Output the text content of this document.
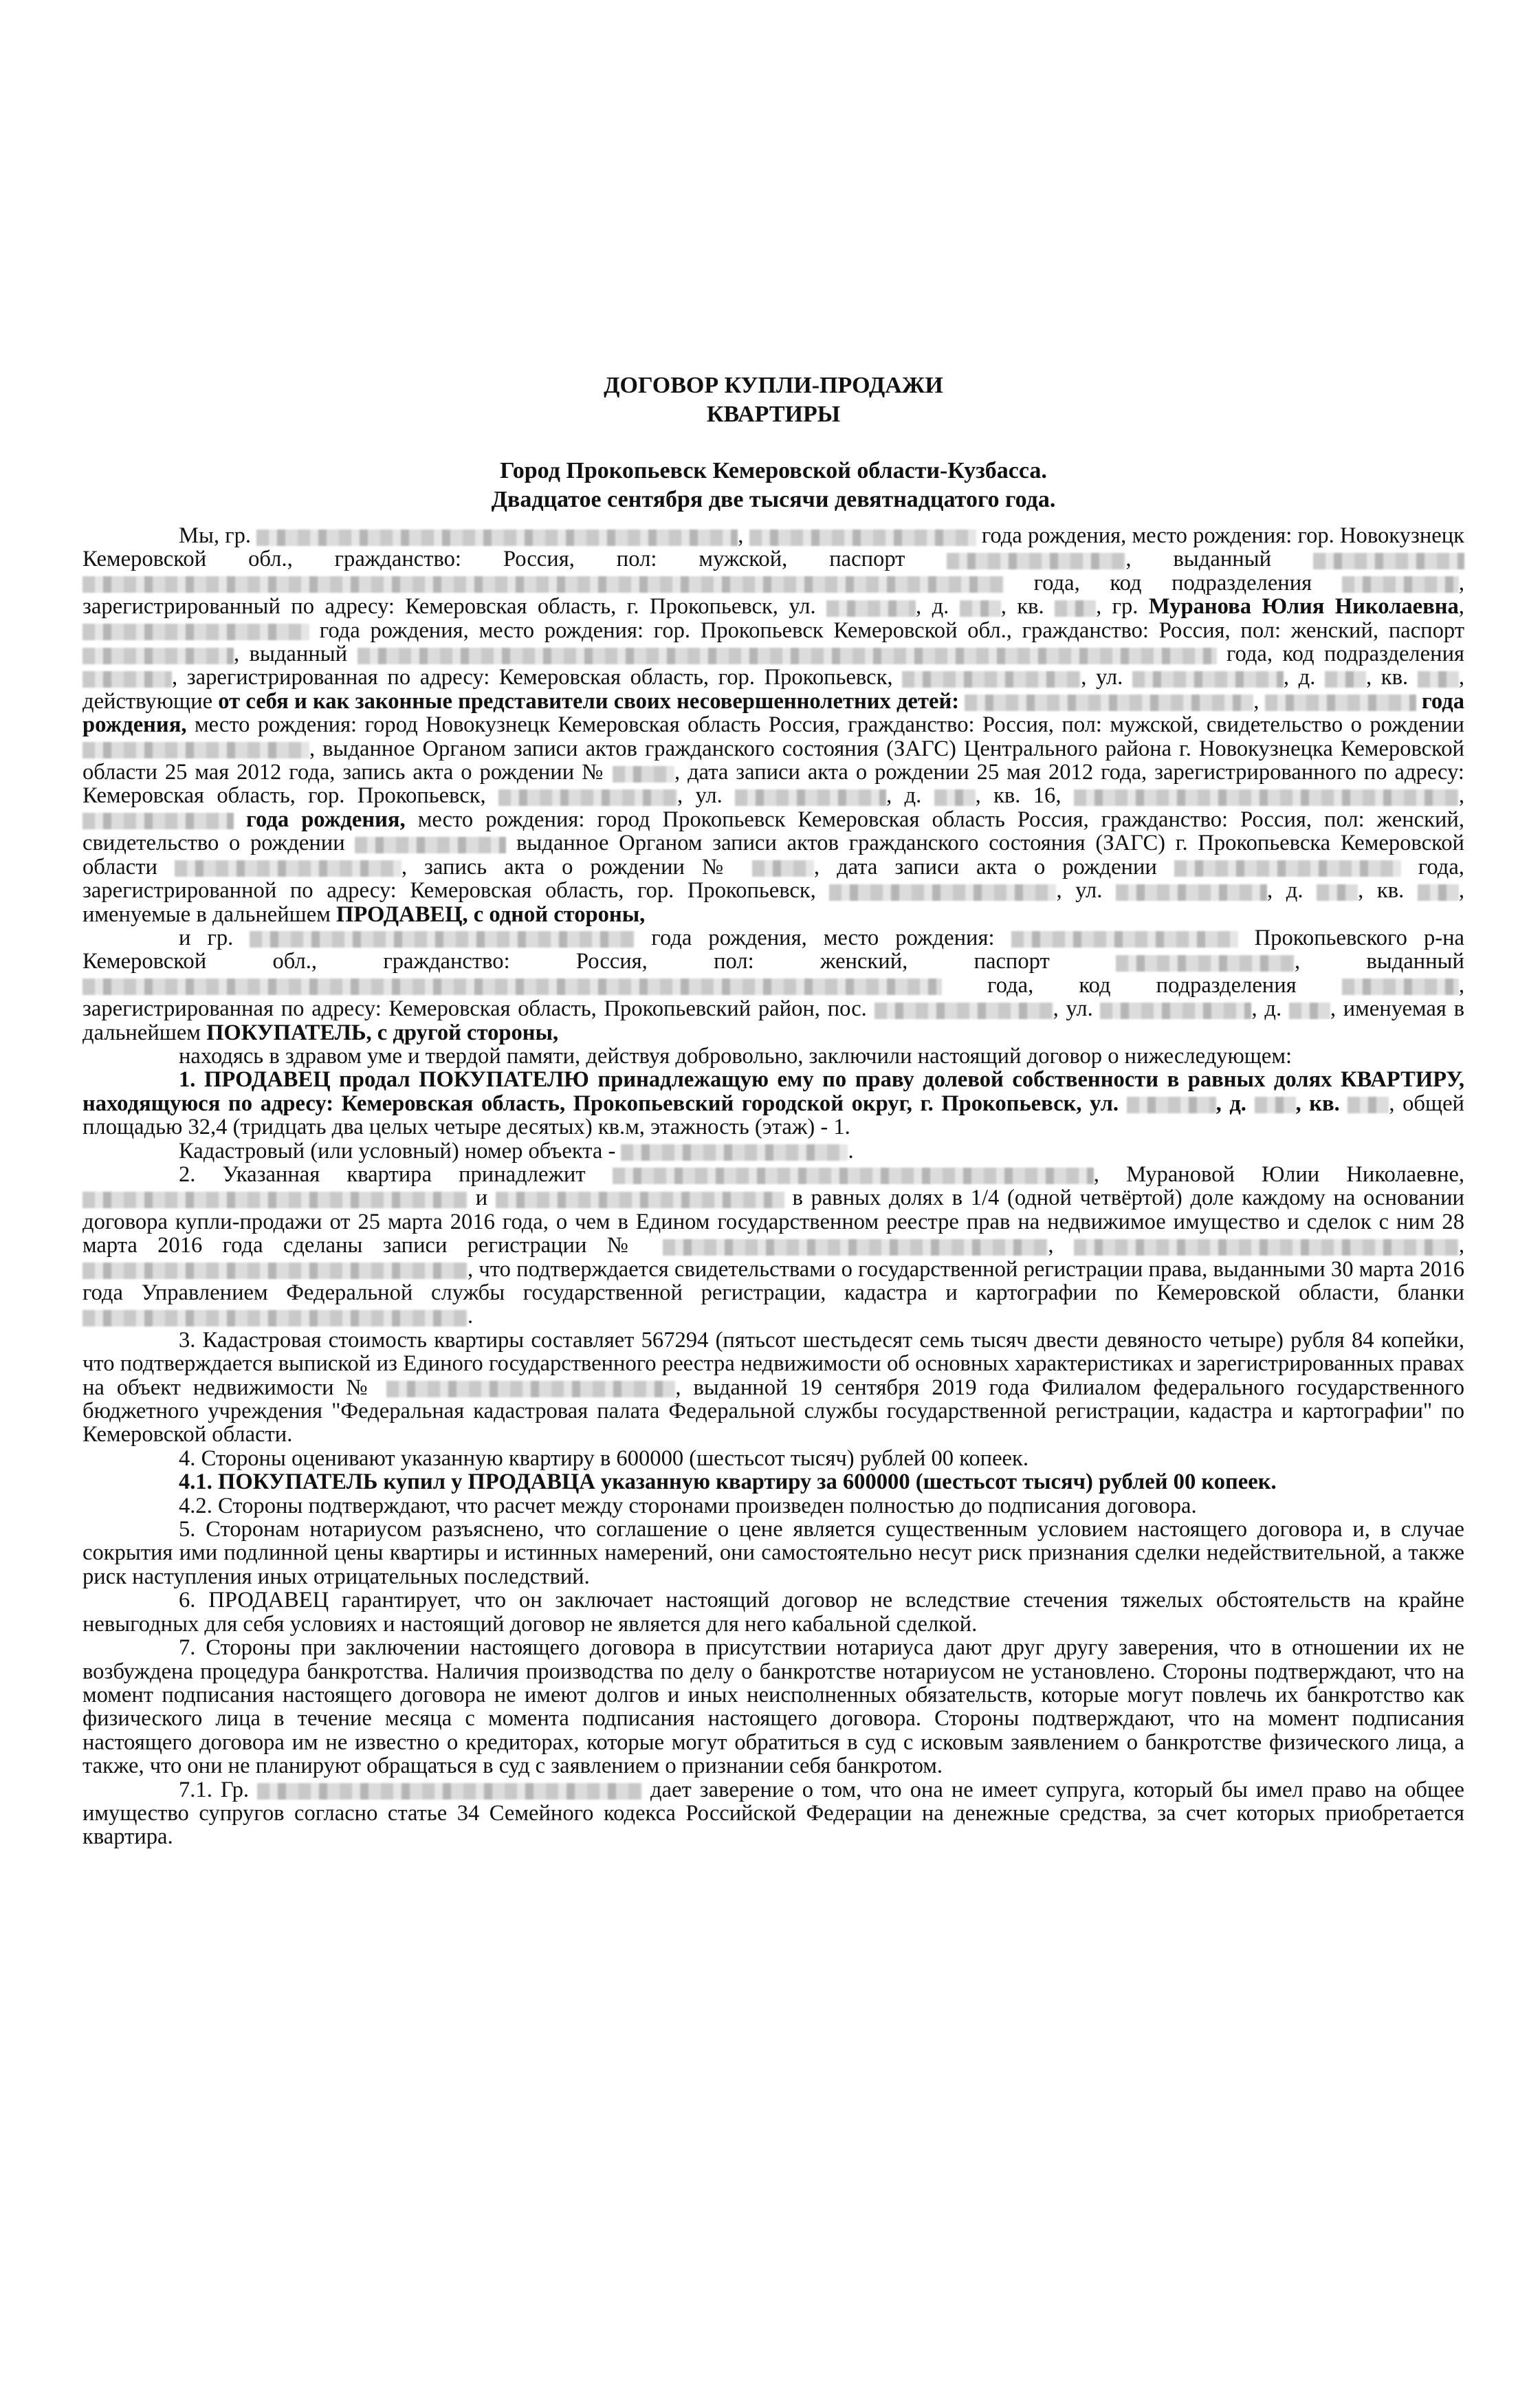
ДОГОВОР КУПЛИ-ПРОДАЖИ
КВАРТИРЫ
Город Прокопьевск Кемеровской области-Кузбасса.
Двадцатое сентября две тысячи девятнадцатого года.

Мы, гр.	,	года рождения, место рождения: гор. Новокузнецк Кемеровской обл., гражданство: Россия, пол: мужской, паспорт	, выданный   года, код подразделения	, зарегистрированный по адресу: Кемеровская область, г. Прокопьевск, ул.	, д. , кв. , гр. Муранова Юлия Николаевна,  года рождения, место рождения: гор. Прокопьевск Кемеровской обл., гражданство: Россия, пол: женский, паспорт , выданный	года, код подразделения , зарегистрированная по адресу: Кемеровская область, гор. Прокопьевск,	, ул.	, д. , кв. , действующие от себя и как законные представители своих несовершеннолетних детей:	,	года рождения, место рождения: город Новокузнецк Кемеровская область Россия, гражданство: Россия, пол: мужской, свидетельство о рождении , выданное Органом записи актов гражданского состояния (ЗАГС) Центрального района г. Новокузнецка Кемеровской области 25 мая 2012 года, запись акта о рождении №	, дата записи акта о рождении 25 мая 2012 года, зарегистрированного по адресу: Кемеровская область, гор. Прокопьевск,	, ул.	, д. , кв. 16,	,  года рождения, место рождения: город Прокопьевск Кемеровская область Россия, гражданство: Россия, пол: женский, свидетельство о рождении	выданное Органом записи актов гражданского состояния (ЗАГС) г. Прокопьевска Кемеровской области	, запись акта о рождении №	, дата записи акта о рождении	года, зарегистрированной по адресу: Кемеровская область, гор. Прокопьевск,	, ул.	, д. , кв. , именуемые в дальнейшем ПРОДАВЕЦ, с одной стороны,

и гр.	года рождения, место рождения:	Прокопьевского р-на Кемеровской обл., гражданство: Россия, пол: женский, паспорт	, выданный  года, код подразделения	, зарегистрированная по адресу: Кемеровская область, Прокопьевский район, пос.	, ул.	, д. , именуемая в дальнейшем ПОКУПАТЕЛЬ, с другой стороны,

находясь в здравом уме и твердой памяти, действуя добровольно, заключили настоящий договор о нижеследующем:

1. ПРОДАВЕЦ продал ПОКУПАТЕЛЮ принадлежащую ему по праву долевой собственности в равных долях КВАРТИРУ, находящуюся по адресу: Кемеровская область, Прокопьевский городской округ, г. Прокопьевск, ул.	, д. , кв. , общей площадью 32,4 (тридцать два целых четыре десятых) кв.м, этажность (этаж) - 1.

Кадастровый (или условный) номер объекта -	.

2. Указанная квартира принадлежит	, Мурановой Юлии Николаевне,  и	в равных долях в 1/4 (одной четвёртой) доле каждому на основании договора купли-продажи от 25 марта 2016 года, о чем в Едином государственном реестре прав на недвижимое имущество и сделок с ним 28 марта 2016 года сделаны записи регистрации №	,	, , что подтверждается свидетельствами о государственной регистрации права, выданными 30 марта 2016 года Управлением Федеральной службы государственной регистрации, кадастра и картографии по Кемеровской области, бланки .

3. Кадастровая стоимость квартиры составляет 567294 (пятьсот шестьдесят семь тысяч двести девяносто четыре) рубля 84 копейки, что подтверждается выпиской из Единого государственного реестра недвижимости об основных характеристиках и зарегистрированных правах на объект недвижимости №	, выданной 19 сентября 2019 года Филиалом федерального государственного бюджетного учреждения "Федеральная кадастровая палата Федеральной службы государственной регистрации, кадастра и картографии" по Кемеровской области.

4. Стороны оценивают указанную квартиру в 600000 (шестьсот тысяч) рублей 00 копеек.

4.1. ПОКУПАТЕЛЬ купил у ПРОДАВЦА указанную квартиру за 600000 (шестьсот тысяч) рублей 00 копеек.

4.2. Стороны подтверждают, что расчет между сторонами произведен полностью до подписания договора.

5. Сторонам нотариусом разъяснено, что соглашение о цене является существенным условием настоящего договора и, в случае сокрытия ими подлинной цены квартиры и истинных намерений, они самостоятельно несут риск признания сделки недействительной, а также риск наступления иных отрицательных последствий.

6. ПРОДАВЕЦ гарантирует, что он заключает настоящий договор не вследствие стечения тяжелых обстоятельств на крайне невыгодных для себя условиях и настоящий договор не является для него кабальной сделкой.

7. Стороны при заключении настоящего договора в присутствии нотариуса дают друг другу заверения, что в отношении их не возбуждена процедура банкротства. Наличия производства по делу о банкротстве нотариусом не установлено. Стороны подтверждают, что на момент подписания настоящего договора не имеют долгов и иных неисполненных обязательств, которые могут повлечь их банкротство как физического лица в течение месяца с момента подписания настоящего договора. Стороны подтверждают, что на момент подписания настоящего договора им не известно о кредиторах, которые могут обратиться в суд с исковым заявлением о банкротстве физического лица, а также, что они не планируют обращаться в суд с заявлением о признании себя банкротом.

7.1. Гр.	дает заверение о том, что она не имеет супруга, который бы имел право на общее имущество супругов согласно статье 34 Семейного кодекса Российской Федерации на денежные средства, за счет которых приобретается квартира.
